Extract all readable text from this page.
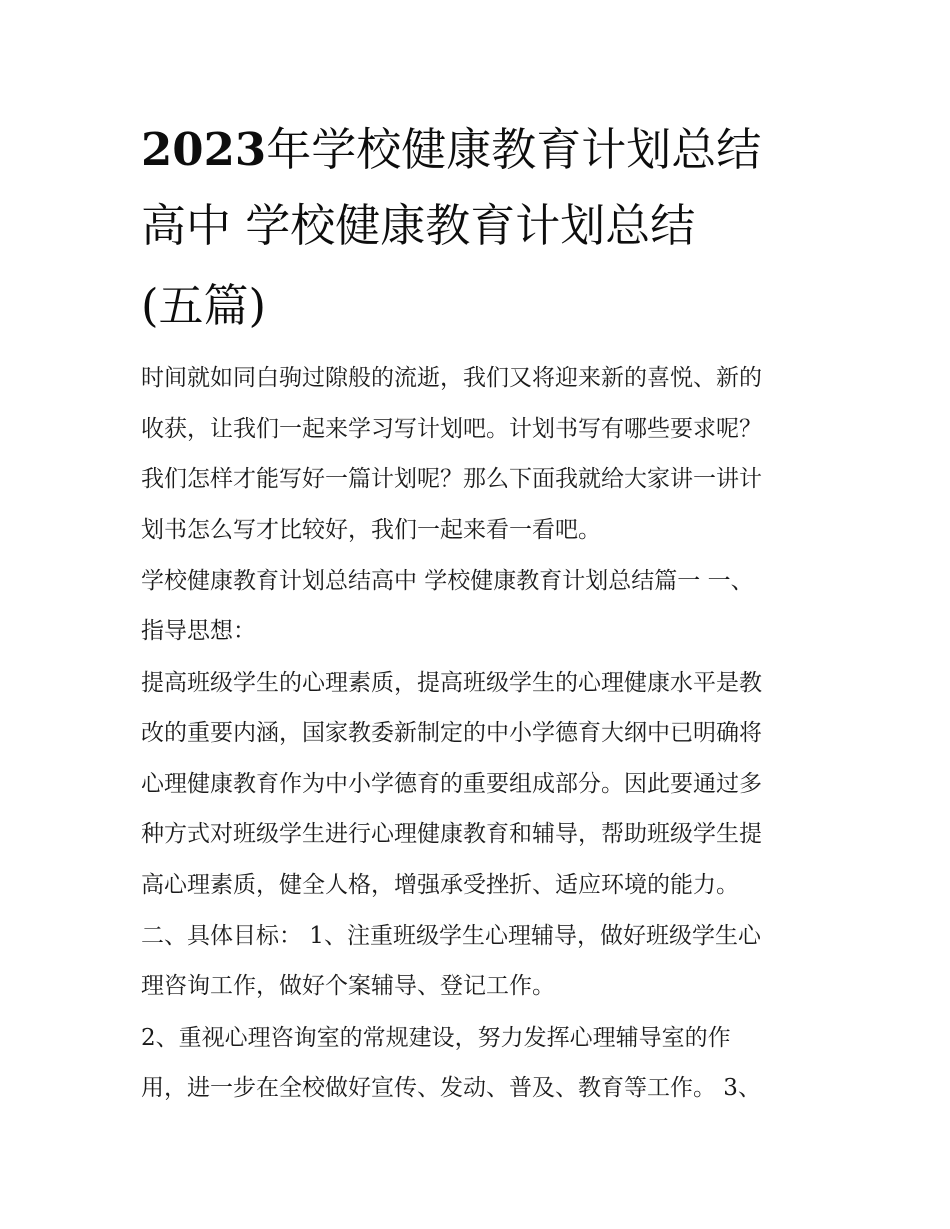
2023年学校健康教育计划总结
高中 学校健康教育计划总结
(五篇)
时间就如同白驹过隙般的流逝，我们又将迎来新的喜悦、新的
收获，让我们一起来学习写计划吧。计划书写有哪些要求呢？
我们怎样才能写好一篇计划呢？那么下面我就给大家讲一讲计
划书怎么写才比较好，我们一起来看一看吧。
学校健康教育计划总结高中 学校健康教育计划总结篇一 一、
指导思想：
提高班级学生的心理素质，提高班级学生的心理健康水平是教
改的重要内涵，国家教委新制定的中小学德育大纲中已明确将
心理健康教育作为中小学德育的重要组成部分。因此要通过多
种方式对班级学生进行心理健康教育和辅导，帮助班级学生提
高心理素质，健全人格，增强承受挫折、适应环境的能力。
二、具体目标： 1、注重班级学生心理辅导，做好班级学生心
理咨询工作，做好个案辅导、登记工作。
2、重视心理咨询室的常规建设，努力发挥心理辅导室的作
用，进一步在全校做好宣传、发动、普及、教育等工作。 3、
